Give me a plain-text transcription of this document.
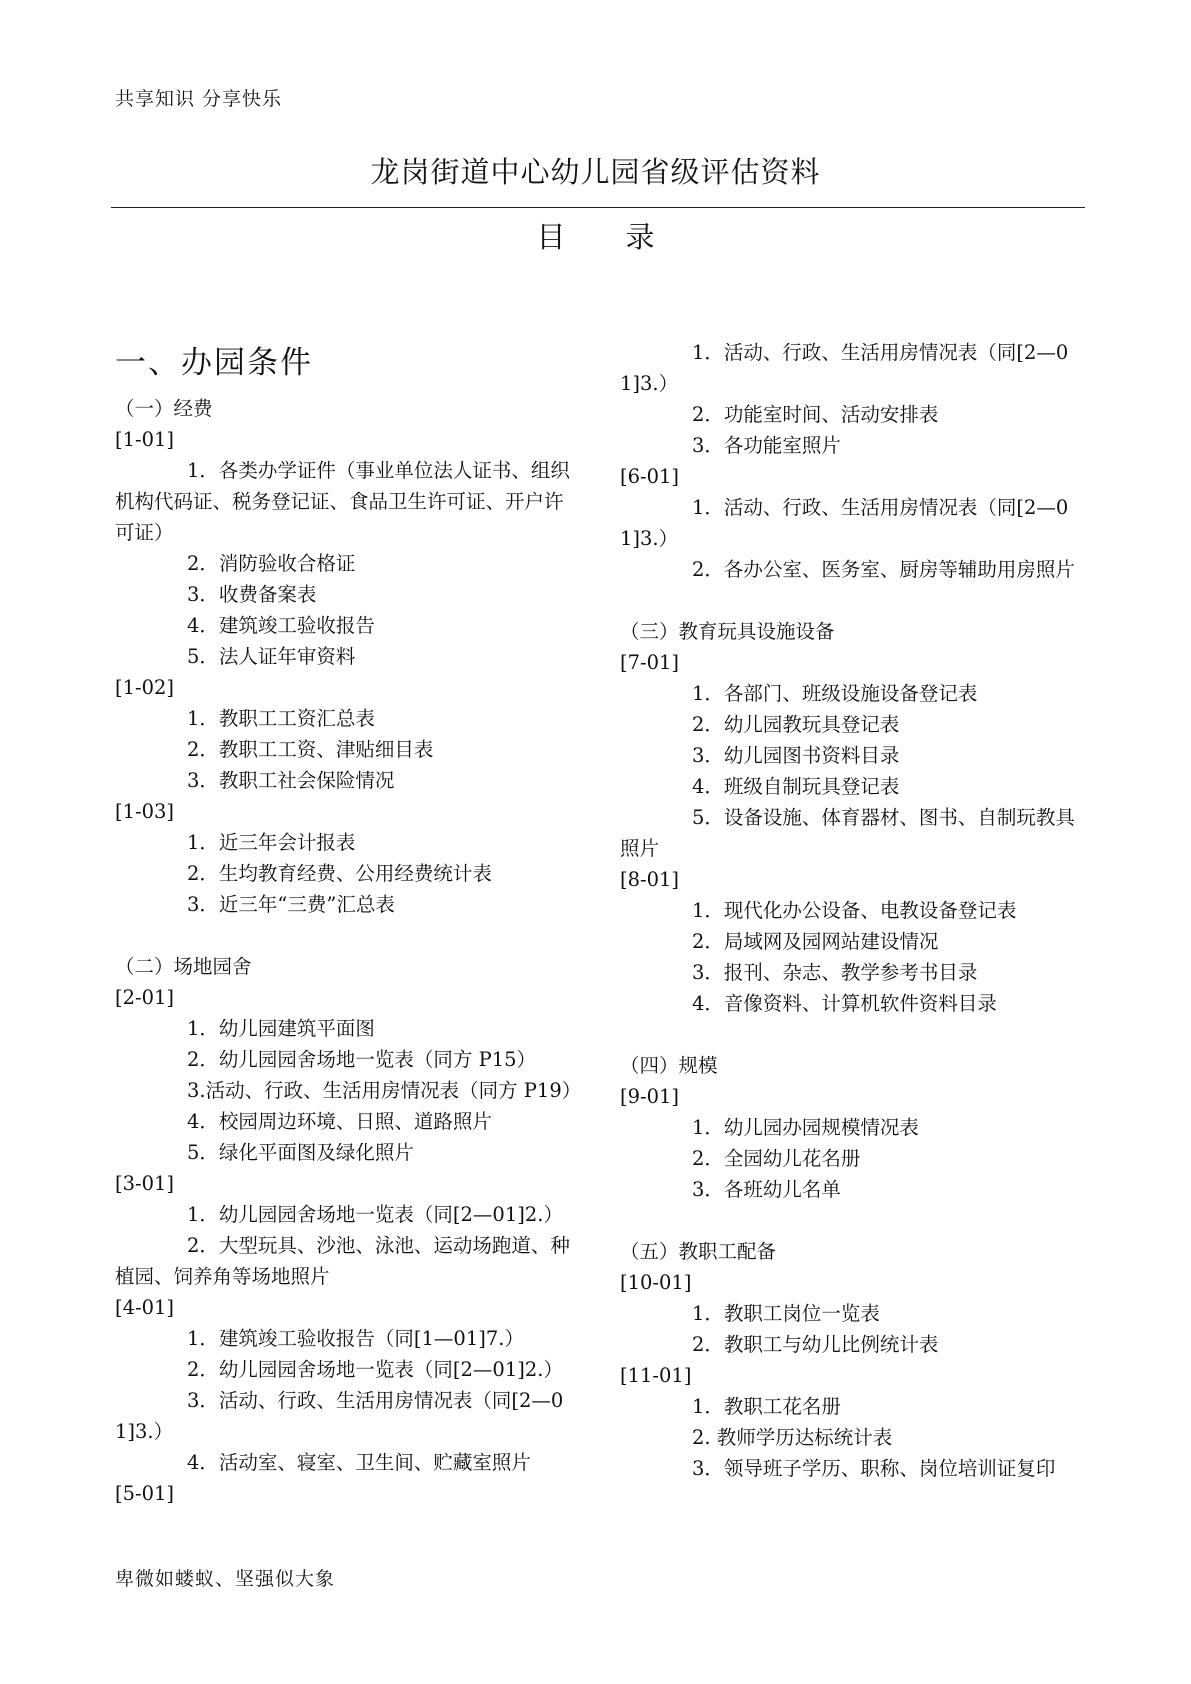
共享知识 分享快乐
龙岗街道中心幼儿园省级评估资料
目 录
一、办园条件
（一）经费
[1-01]
1．各类办学证件（事业单位法人证书、组织机构代码证、税务登记证、食品卫生许可证、开户许可证）
2．消防验收合格证
3．收费备案表
4．建筑竣工验收报告
5．法人证年审资料
[1-02]
1．教职工工资汇总表
2．教职工工资、津贴细目表
3．教职工社会保险情况
[1-03]
1．近三年会计报表
2．生均教育经费、公用经费统计表
3．近三年“三费”汇总表
（二）场地园舍
[2-01]
1．幼儿园建筑平面图
2．幼儿园园舍场地一览表（同方 P15）
3.活动、行政、生活用房情况表（同方 P19）
4．校园周边环境、日照、道路照片
5．绿化平面图及绿化照片
[3-01]
1．幼儿园园舍场地一览表（同[2—01]2.）
2．大型玩具、沙池、泳池、运动场跑道、种植园、饲养角等场地照片
[4-01]
1．建筑竣工验收报告（同[1—01]7.）
2．幼儿园园舍场地一览表（同[2—01]2.）
3．活动、行政、生活用房情况表（同[2—01]3.）
4．活动室、寝室、卫生间、贮藏室照片
[5-01]
1．活动、行政、生活用房情况表（同[2—01]3.）
2．功能室时间、活动安排表
3．各功能室照片
[6-01]
1．活动、行政、生活用房情况表（同[2—01]3.）
2．各办公室、医务室、厨房等辅助用房照片
（三）教育玩具设施设备
[7-01]
1．各部门、班级设施设备登记表
2．幼儿园教玩具登记表
3．幼儿园图书资料目录
4．班级自制玩具登记表
5．设备设施、体育器材、图书、自制玩教具照片
[8-01]
1．现代化办公设备、电教设备登记表
2．局域网及园网站建设情况
3．报刊、杂志、教学参考书目录
4．音像资料、计算机软件资料目录
（四）规模
[9-01]
1．幼儿园办园规模情况表
2．全园幼儿花名册
3．各班幼儿名单
（五）教职工配备
[10-01]
1．教职工岗位一览表
2．教职工与幼儿比例统计表
[11-01]
1．教职工花名册
2. 教师学历达标统计表
3．领导班子学历、职称、岗位培训证复印
卑微如蝼蚁、坚强似大象
